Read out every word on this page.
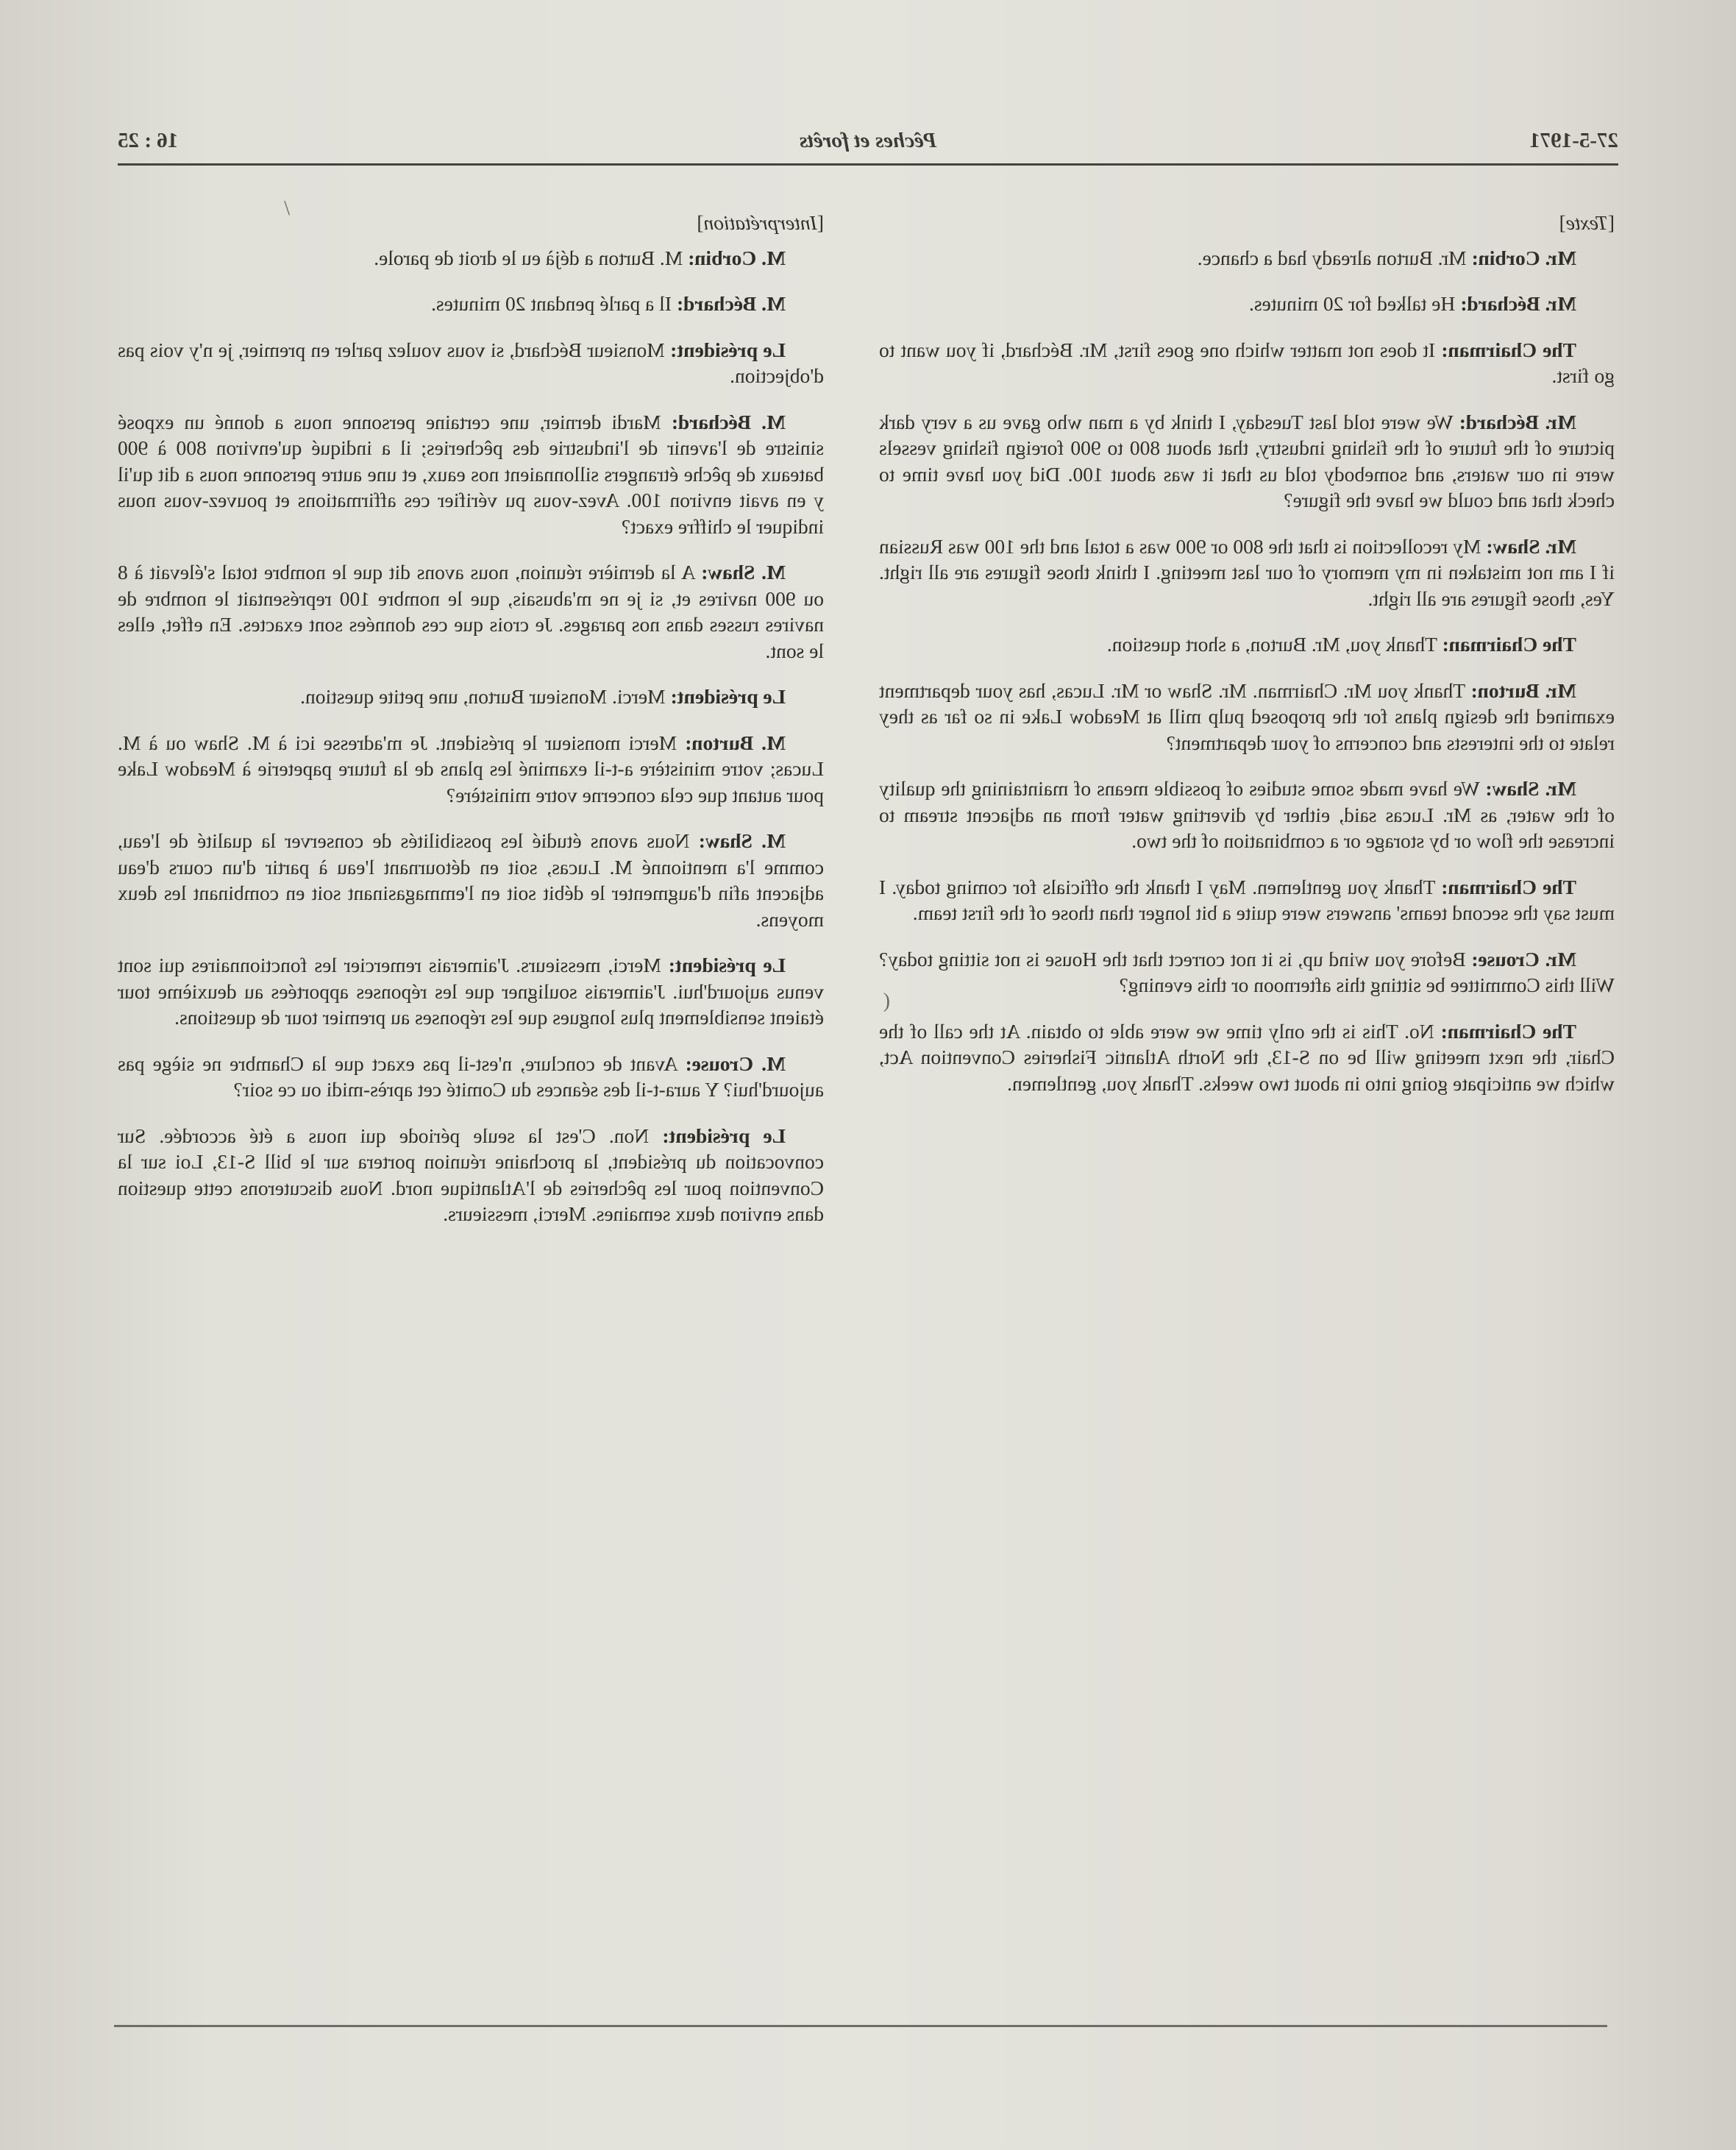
27-5-1971
Pêches et forêts
16 : 25
[ Texte ]

Mr. Corbin: Mr. Burton already had a chance.

Mr. Béchard: He talked for 20 minutes.

The Chairman: It does not matter which one goes first, Mr. Béchard, if you want to go first.

Mr. Béchard: We were told last Tuesday, I think by a man who gave us a very dark picture of the future of the fishing industry, that about 800 to 900 foreign fishing vessels were in our waters, and somebody told us that it was about 100. Did you have time to check that and could we have the figure?

Mr. Shaw: My recollection is that the 800 or 900 was a total and the 100 was Russian if I am not mistaken in my memory of our last meeting. I think those figures are all right. Yes, those figures are all right.

The Chairman: Thank you, Mr. Burton, a short question.

Mr. Burton: Thank you Mr. Chairman. Mr. Shaw or Mr. Lucas, has your department examined the design plans for the proposed pulp mill at Meadow Lake in so far as they relate to the interests and concerns of your department?

Mr. Shaw: We have made some studies of possible means of maintaining the quality of the water, as Mr. Lucas said, either by diverting water from an adjacent stream to increase the flow or by storage or a combination of the two.

The Chairman: Thank you gentlemen. May I thank the officials for coming today. I must say the second teams' answers were quite a bit longer than those of the first team.

Mr. Crouse: Before you wind up, is it not correct that the House is not sitting today? Will this Committee be sitting this afternoon or this evening?

The Chairman: No. This is the only time we were able to obtain. At the call of the Chair, the next meeting will be on S-13, the North Atlantic Fisheries Convention Act, which we anticipate going into in about two weeks. Thank you, gentlemen.

[ Interprétation ]

M. Corbin: M. Burton a déjà eu le droit de parole.

M. Béchard: Il a parlé pendant 20 minutes.

Le président: Monsieur Béchard, si vous voulez parler en premier, je n'y vois pas d'objection.

M. Béchard: Mardi dernier, une certaine personne nous a donné un exposé sinistre de l'avenir de l'industrie des pêcheries; il a indiqué qu'environ 800 à 900 bateaux de pêche étrangers sillonnaient nos eaux, et une autre personne nous a dit qu'il y en avait environ 100. Avez-vous pu vérifier ces affirmations et pouvez-vous nous indiquer le chiffre exact?

M. Shaw: A la dernière réunion, nous avons dit que le nombre total s'élevait à 8 ou 900 navires et, si je ne m'abusais, que le nombre 100 représentait le nombre de navires russes dans nos parages. Je crois que ces données sont exactes. En effet, elles le sont.

Le président: Merci. Monsieur Burton, une petite question.

M. Burton: Merci monsieur le président. Je m'adresse ici à M. Shaw ou à M. Lucas; votre ministère a-t-il examiné les plans de la future papeterie à Meadow Lake pour autant que cela concerne votre ministère?

M. Shaw: Nous avons étudié les possibilités de conserver la qualité de l'eau, comme l'a mentionné M. Lucas, soit en détournant l'eau à partir d'un cours d'eau adjacent afin d'augmenter le débit soit en l'emmagasinant soit en combinant les deux moyens.

Le président: Merci, messieurs. J'aimerais remercier les fonctionnaires qui sont venus aujourd'hui. J'aimerais souligner que les réponses apportées au deuxième tour étaient sensiblement plus longues que les réponses au premier tour de questions.

M. Crouse: Avant de conclure, n'est-il pas exact que la Chambre ne siège pas aujourd'hui? Y aura-t-il des séances du Comité cet après-midi ou ce soir?

Le président: Non. C'est la seule période qui nous a été accordée. Sur convocation du président, la prochaine réunion portera sur le bill S-13, Loi sur la Convention pour les pêcheries de l'Atlantique nord. Nous discuterons cette question dans environ deux semaines. Merci, messieurs.

(
/
